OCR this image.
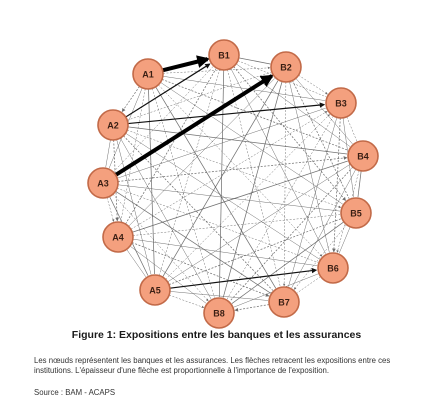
A1
A2
A3
A4
A5
B1
B2
B3
B4
B5
B6
B7
B8
Figure 1: Expositions entre les banques et les assurances
Les nœuds représentent les banques et les assurances. Les flèches retracent les expositions entre ces institutions. L'épaisseur d'une flèche est proportionnelle à l'importance de l'exposition.
Source : BAM - ACAPS
